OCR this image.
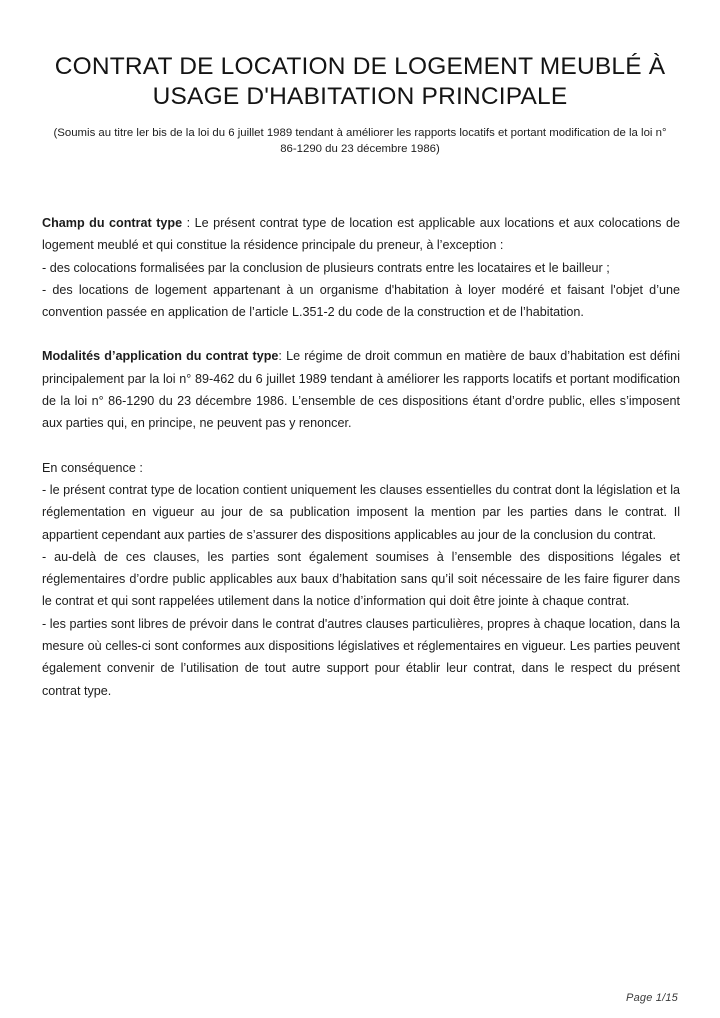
CONTRAT DE LOCATION DE LOGEMENT MEUBLÉ À USAGE D'HABITATION PRINCIPALE

(Soumis au titre ler bis de la loi du 6 juillet 1989 tendant à améliorer les rapports locatifs et portant modification de la loi n° 86-1290 du 23 décembre 1986)

Champ du contrat type : Le présent contrat type de location est applicable aux locations et aux colocations de logement meublé et qui constitue la résidence principale du preneur, à l’exception :

- des colocations formalisées par la conclusion de plusieurs contrats entre les locataires et le bailleur ;

- des locations de logement appartenant à un organisme d'habitation à loyer modéré et faisant l'objet d’une convention passée en application de l’article L.351-2 du code de la construction et de l’habitation.

Modalités d’application du contrat type: Le régime de droit commun en matière de baux d’habitation est défini principalement par la loi n° 89-462 du 6 juillet 1989 tendant à améliorer les rapports locatifs et portant modification de la loi n° 86-1290 du 23 décembre 1986. L’ensemble de ces dispositions étant d’ordre public, elles s’imposent aux parties qui, en principe, ne peuvent pas y renoncer.

En conséquence :

- le présent contrat type de location contient uniquement les clauses essentielles du contrat dont la législation et la réglementation en vigueur au jour de sa publication imposent la mention par les parties dans le contrat. Il appartient cependant aux parties de s’assurer des dispositions applicables au jour de la conclusion du contrat.

- au-delà de ces clauses, les parties sont également soumises à l’ensemble des dispositions légales et réglementaires d’ordre public applicables aux baux d’habitation sans qu’il soit nécessaire de les faire figurer dans le contrat et qui sont rappelées utilement dans la notice d’information qui doit être jointe à chaque contrat.

- les parties sont libres de prévoir dans le contrat d'autres clauses particulières, propres à chaque location, dans la mesure où celles-ci sont conformes aux dispositions législatives et réglementaires en vigueur. Les parties peuvent également convenir de l’utilisation de tout autre support pour établir leur contrat, dans le respect du présent contrat type.

Page 1/15
